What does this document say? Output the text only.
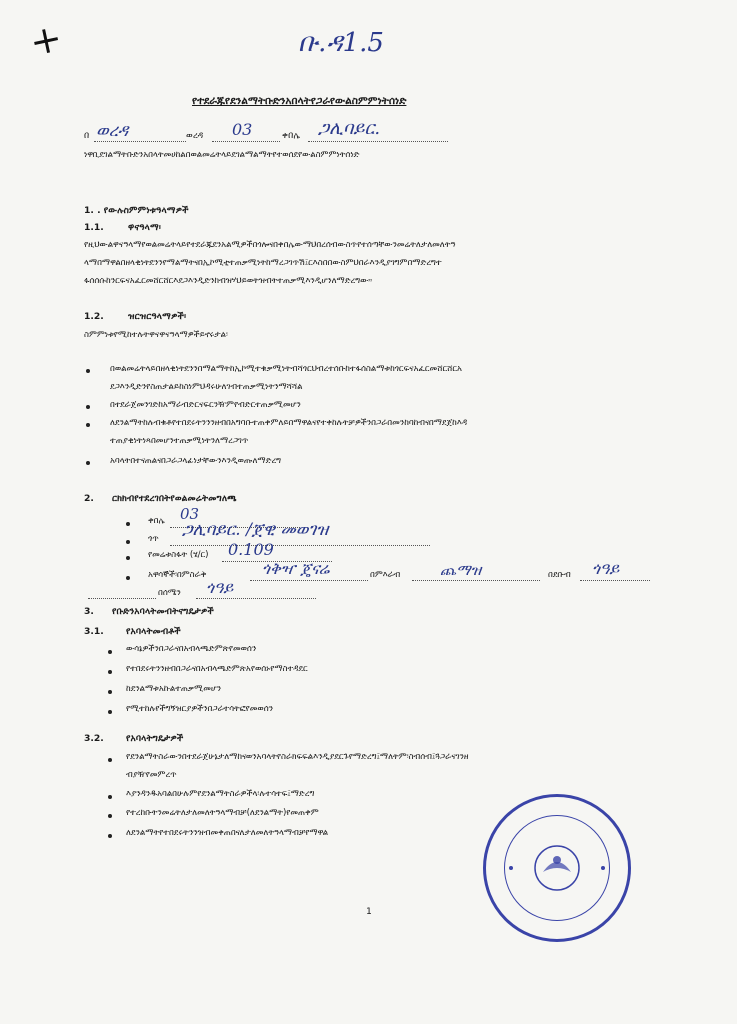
+	ቡ.ዳ1.5
የተደራጁየደንልማትቡድንአበላትየጋራየውልስምምነትሰነድ
በ ወረዳ	ወረዳ 03	ቀበሌ ጋሊባይር.
ነዋቢደገልማትቡድንአበላትመሀከልበወልመሬትላይደገልማልማትየተወሰደየውልስምምነትሰነድ
1. . የውሉስምምነቱዓላማዎች
1.1.	ዋናዓላማ፡
የዚህውልዋናዓላማየወልመሬትላይየተደራጁደንአልሚዎችበጎሎናበቀበሌውማህበረሰብውስጥየተሰጣቸውንመሬትለታለመለትዓ
ላማበማዋልበዘላቂነትደንንየማልማትናበኢኮሚቲተጠቃሚነትከማረጋገጥሽ፤ርእስበበውስምህበራእንዲያገግምበማድረግተ
ፋሰሰሱከንርፍናአፈርመሸርሸርእደጋእንዲድንከብዝሃህይወትዝብትተጠቃሚእንዲሆንለማድረግው።
1.2.	ዝርዝርዓላማዎች፡
ስምምነቱየሚከተሉትዋናዋናዓላማዎችይኖሩታል፡
በወልመሬትላይበዘላቂነትደንንበማልማትከኢኮሚተቁቃሚነትብሻጎርህብረተሰቡከተፋሰስልማቱከጎርፍናአፈርመሸርሸርአ
ደጋእንዲድንየስጠታልይከስነምህዳሩሁለገብተጠቃሚነትንማሻሻል
በተደራጀመንገድከአማራብድርናፍርንዥምየብድርተጠቃሚመሆን
ለደንልማትከሉብቁቶየተበደሩትንንንዘብበአግባቡተጠቀምለይበማዋልናየተቀከሉትቻዎችንበጋራበመንከባከብናበማደጀከእዳ
ተጠያቂነትነጻበመሆንተጠቃሚነትንለማረጋገጥ
አባላትበተናጠልናበጋራጋላፊነታቸውንእንዲወጡለማድረግ
2. ርክክብየተደረገበትየወልመሬትመግለጫ
ቀበሌ 03
ጎጥ ጋሊባይር. /ጀዊ መወገዝ
የመሬቱስፋት (ሄ/ር) 0.109
አዋሳኞች፡በምስራቅ	ጎቅዣ ጄናሬ	በምእራብ	ጨማዝ	በደቡብ ጎዓይ
በሰሜን ጎዓይ
3. የቡድንአባላትመብትናግዴታዎች
3.1. የአባላትመብቶች
ውሳኔዎችንበጋራናበአብላጫድምጽየመወሰን
የተበደሩትንንዘብበጋራናበአብላጫድምጽአየወሰኑየማስተዳደር
ከደንልማቱአኩልተጠቃሚመሆን
የሚተከሉየችግኝዝርያዎችንበጋራተሳትፎየመወሰን
3.2. የአባላትግዴታዎች
የደንልማትስራውንበተደራጀሁኔታለማከናወንአባላትየስራክፍፍልእንዲያደርጉየማድረግ፤ማለትም፡ስብሰብ፤ጓጋራናገንዘ
ብያዥየመምረጥ
እያንዳንዱአባልበሁሉምየደንልማትስራዎችላ፡ሉተሳተፍ፤ማድረግ
የተረከቡትንመሬትለታለመለትዓላማብቻ(ለደንልማት)የመጠቀም
ለደንልማትየተበደሩትንንዝብመቀጠበናለታለመለትዓላማብቻየማዋል
1
